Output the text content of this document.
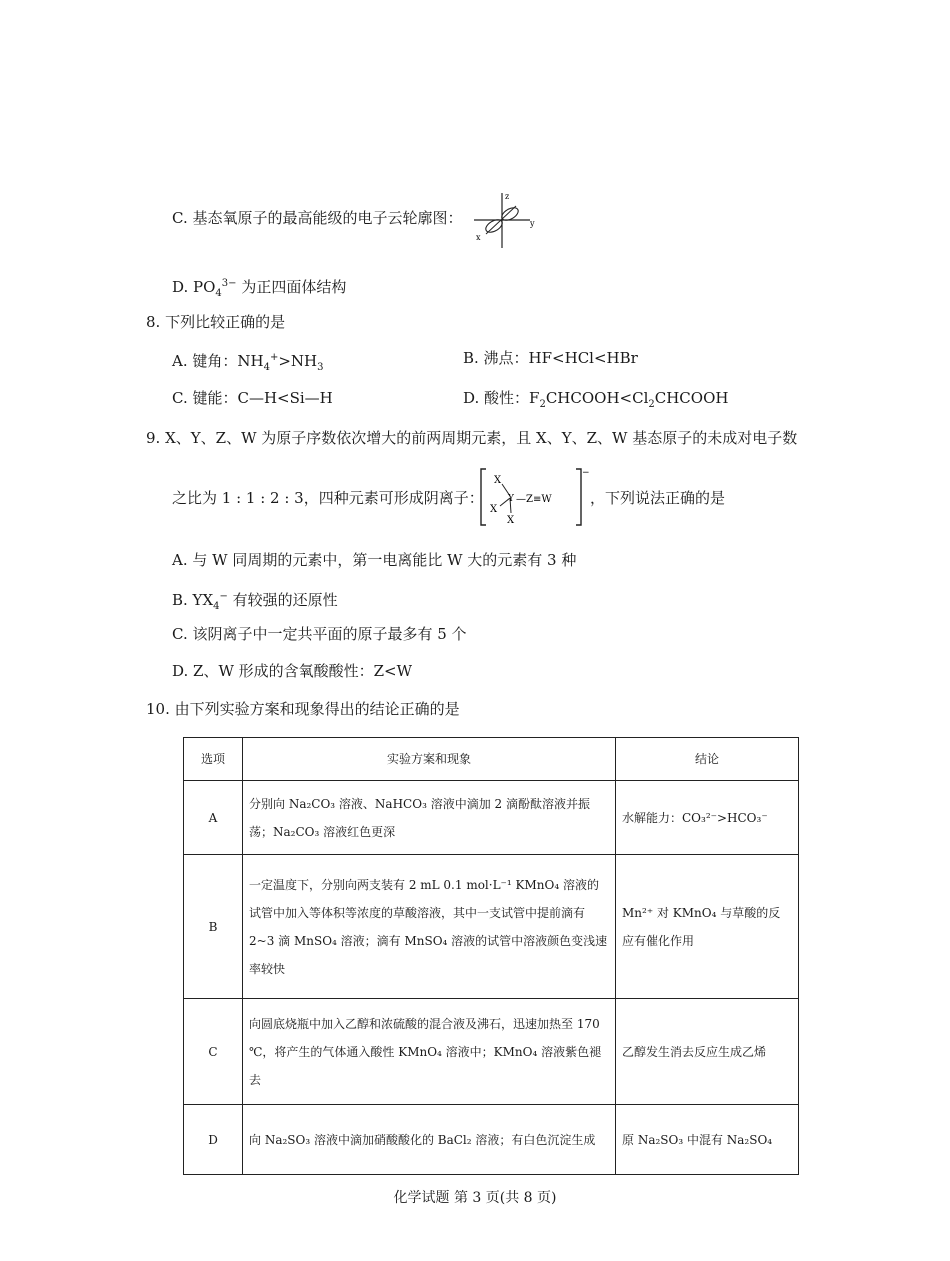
C. 基态氧原子的最高能级的电子云轮廓图：
z
y
x
D. $PO_4^{3-}$ 为正四面体结构
8. 下列比较正确的是
A. 键角：$NH_4^+>NH_3$
B. 沸点：HF<HCl<HBr
C. 键能：C—H<Si—H	D. 酸性：$F_2CHCOOH<Cl_2CHCOOH$
9. X、Y、Z、W 为原子序数依次增大的前两周期元素，且 X、Y、Z、W 基态原子的未成对电子数
之比为 1 : 1 : 2 : 3，四种元素可形成阴离子：
X
X
X
Y —Z≡W
−
，下列说法正确的是
A. 与 W 同周期的元素中，第一电离能比 W 大的元素有 3 种
B. $YX_4^-$ 有较强的还原性
C. 该阴离子中一定共平面的原子最多有 5 个
D. Z、W 形成的含氧酸酸性：Z<W
10. 由下列实验方案和现象得出的结论正确的是
选项	实验方案和现象	结论
A	分别向 Na₂CO₃ 溶液、NaHCO₃ 溶液中滴加 2 滴酚酞溶液并振荡；Na₂CO₃ 溶液红色更深	水解能力：CO₃²⁻>HCO₃⁻
B	一定温度下，分别向两支装有 2 mL 0.1 mol·L⁻¹ KMnO₄ 溶液的试管中加入等体积等浓度的草酸溶液，其中一支试管中提前滴有 2~3 滴 MnSO₄ 溶液；滴有 MnSO₄ 溶液的试管中溶液颜色变浅速率较快	Mn²⁺ 对 KMnO₄ 与草酸的反应有催化作用
C	向圆底烧瓶中加入乙醇和浓硫酸的混合液及沸石，迅速加热至 170 ℃，将产生的气体通入酸性 KMnO₄ 溶液中；KMnO₄ 溶液紫色褪去	乙醇发生消去反应生成乙烯
D	向 Na₂SO₃ 溶液中滴加硝酸酸化的 BaCl₂ 溶液；有白色沉淀生成	原 Na₂SO₃ 中混有 Na₂SO₄
化学试题 第 3 页(共 8 页)
